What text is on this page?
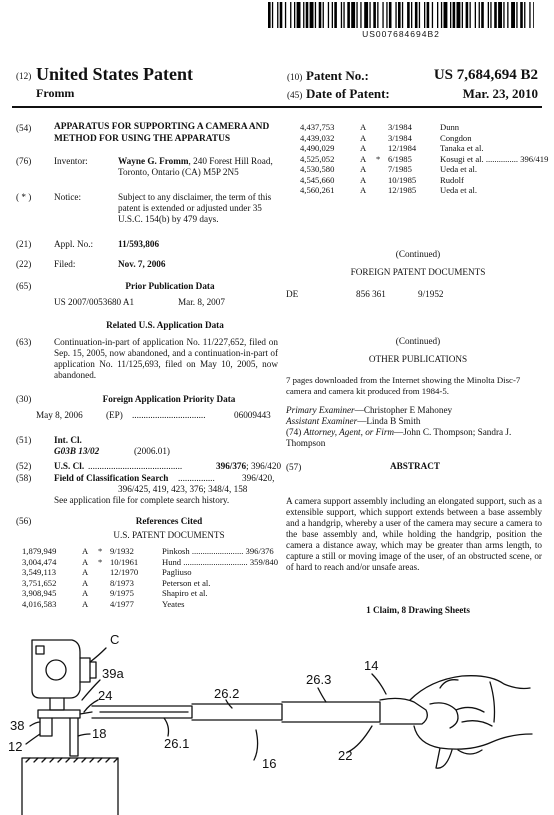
US007684694B2
(12) United States Patent
Fromm
(10) Patent No.:	US 7,684,694 B2
(45) Date of Patent:	Mar. 23, 2010
(54) APPARATUS FOR SUPPORTING A CAMERA AND METHOD FOR USING THE APPARATUS
(76) Inventor:	Wayne G. Fromm, 240 Forest Hill Road, Toronto, Ontario (CA) M5P 2N5
( * ) Notice:	Subject to any disclaimer, the term of this patent is extended or adjusted under 35 U.S.C. 154(b) by 479 days.
(21) Appl. No.:	11/593,806
(22) Filed:	Nov. 7, 2006
(65)	Prior Publication Data
US 2007/0053680 A1	Mar. 8, 2007
Related U.S. Application Data
(63) Continuation-in-part of application No. 11/227,652, filed on Sep. 15, 2005, now abandoned, and a continuation-in-part of application No. 11/125,693, filed on May 10, 2005, now abandoned.
(30)	Foreign Application Priority Data
May 8, 2006	(EP) ................................	06009443
(51) Int. Cl.
G03B 13/02	(2006.01)
(52) U.S. Cl. .........................................	396/376; 396/420
(58) Field of Classification Search ................	396/420,
396/425, 419, 423, 376; 348/4, 158
See application file for complete search history.
(56)	References Cited
U.S. PATENT DOCUMENTS
1,879,949	A	* 9/1932	Pinkosh ........................ 396/376
3,004,474	A	* 10/1961	Hund .............................. 359/840
3,549,113	A	12/1970	Pagliuso
3,751,652	A	8/1973	Peterson et al.
3,908,945	A	9/1975	Shapiro et al.
4,016,583	A	4/1977	Yeates
4,437,753	A	3/1984	Dunn
4,439,032	A	3/1984	Congdon
4,490,029	A	12/1984	Tanaka et al.
4,525,052	A	* 6/1985	Kosugi et al. ............... 396/419
4,530,580	A	7/1985	Ueda et al.
4,545,660	A	10/1985	Rudolf
4,560,261	A	12/1985	Ueda et al.
(Continued)
FOREIGN PATENT DOCUMENTS
DE	856 361	9/1952
(Continued)
OTHER PUBLICATIONS
7 pages downloaded from the Internet showing the Minolta Disc-7 camera and camera kit produced from 1984-5.
Primary Examiner—Christopher E Mahoney
Assistant Examiner—Linda B Smith
(74) Attorney, Agent, or Firm—John C. Thompson; Sandra J. Thompson
(57)	ABSTRACT
A camera support assembly including an elongated support, such as a extensible support, which support extends between a base assembly and a handgrip, whereby a user of the camera may secure a camera to the base assembly and, while holding the handgrip, position the camera a distance away, which may be greater than arms length, to capture a still or moving image of the user, of an obstructed scene, or of hard to reach and/or unsafe areas.
1 Claim, 8 Drawing Sheets
C
39a
24
38
12
18
26.2
26.1
26.3
16
14
22
